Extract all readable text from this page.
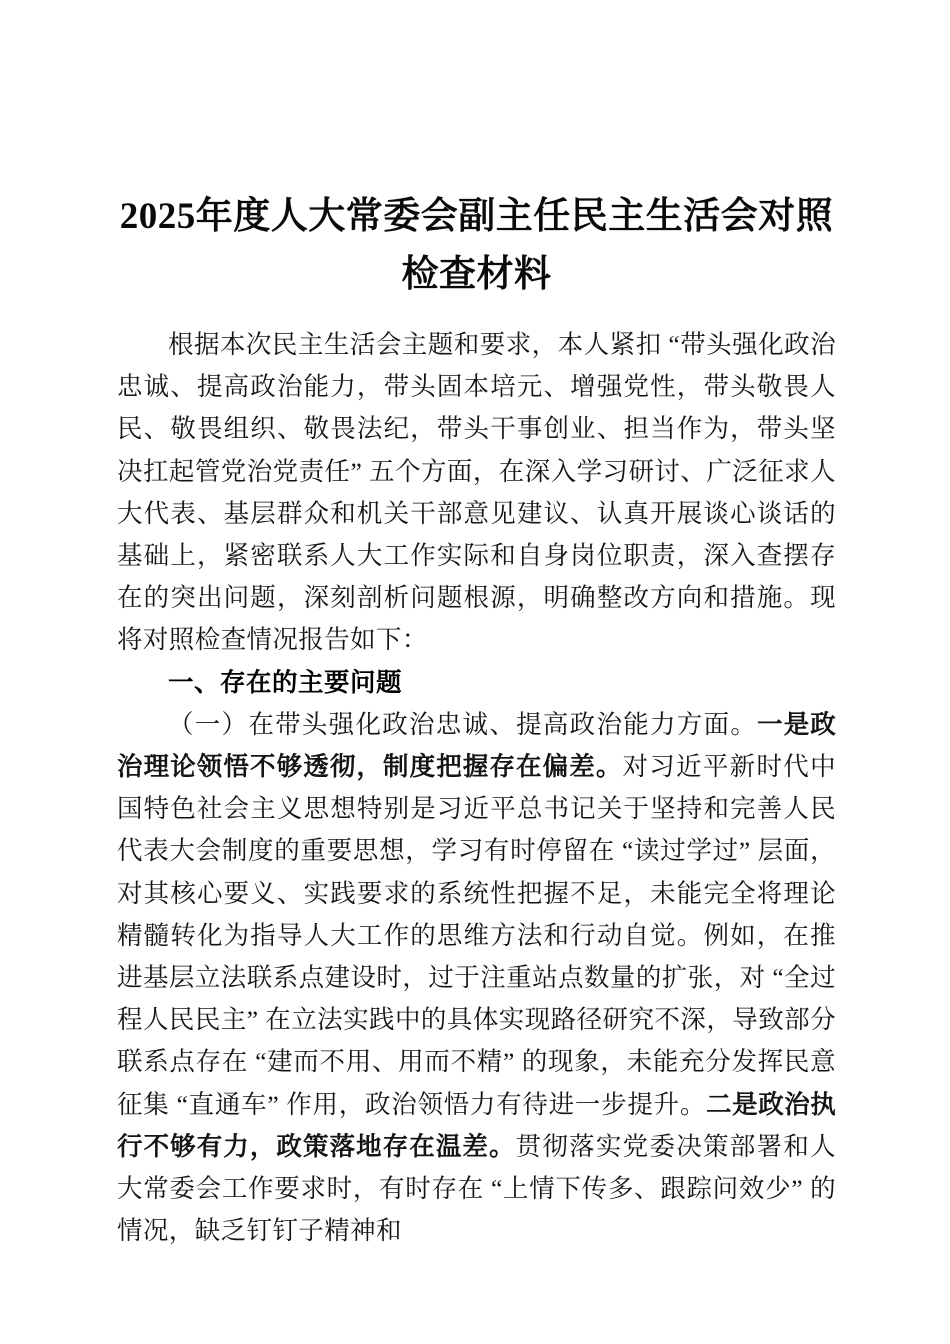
2025年度人大常委会副主任民主生活会对照检查材料

根据本次民主生活会主题和要求，本人紧扣 “带头强化政治忠诚、提高政治能力，带头固本培元、增强党性，带头敬畏人民、敬畏组织、敬畏法纪，带头干事创业、担当作为，带头坚决扛起管党治党责任” 五个方面，在深入学习研讨、广泛征求人大代表、基层群众和机关干部意见建议、认真开展谈心谈话的基础上，紧密联系人大工作实际和自身岗位职责，深入查摆存在的突出问题，深刻剖析问题根源，明确整改方向和措施。现将对照检查情况报告如下：

一、存在的主要问题

（一）在带头强化政治忠诚、提高政治能力方面。一是政治理论领悟不够透彻，制度把握存在偏差。对习近平新时代中国特色社会主义思想特别是习近平总书记关于坚持和完善人民代表大会制度的重要思想，学习有时停留在 “读过学过” 层面，对其核心要义、实践要求的系统性把握不足，未能完全将理论精髓转化为指导人大工作的思维方法和行动自觉。例如，在推进基层立法联系点建设时，过于注重站点数量的扩张，对 “全过程人民民主” 在立法实践中的具体实现路径研究不深，导致部分联系点存在 “建而不用、用而不精” 的现象，未能充分发挥民意征集 “直通车” 作用，政治领悟力有待进一步提升。二是政治执行不够有力，政策落地存在温差。贯彻落实党委决策部署和人大常委会工作要求时，有时存在 “上情下传多、跟踪问效少” 的情况，缺乏钉钉子精神和
